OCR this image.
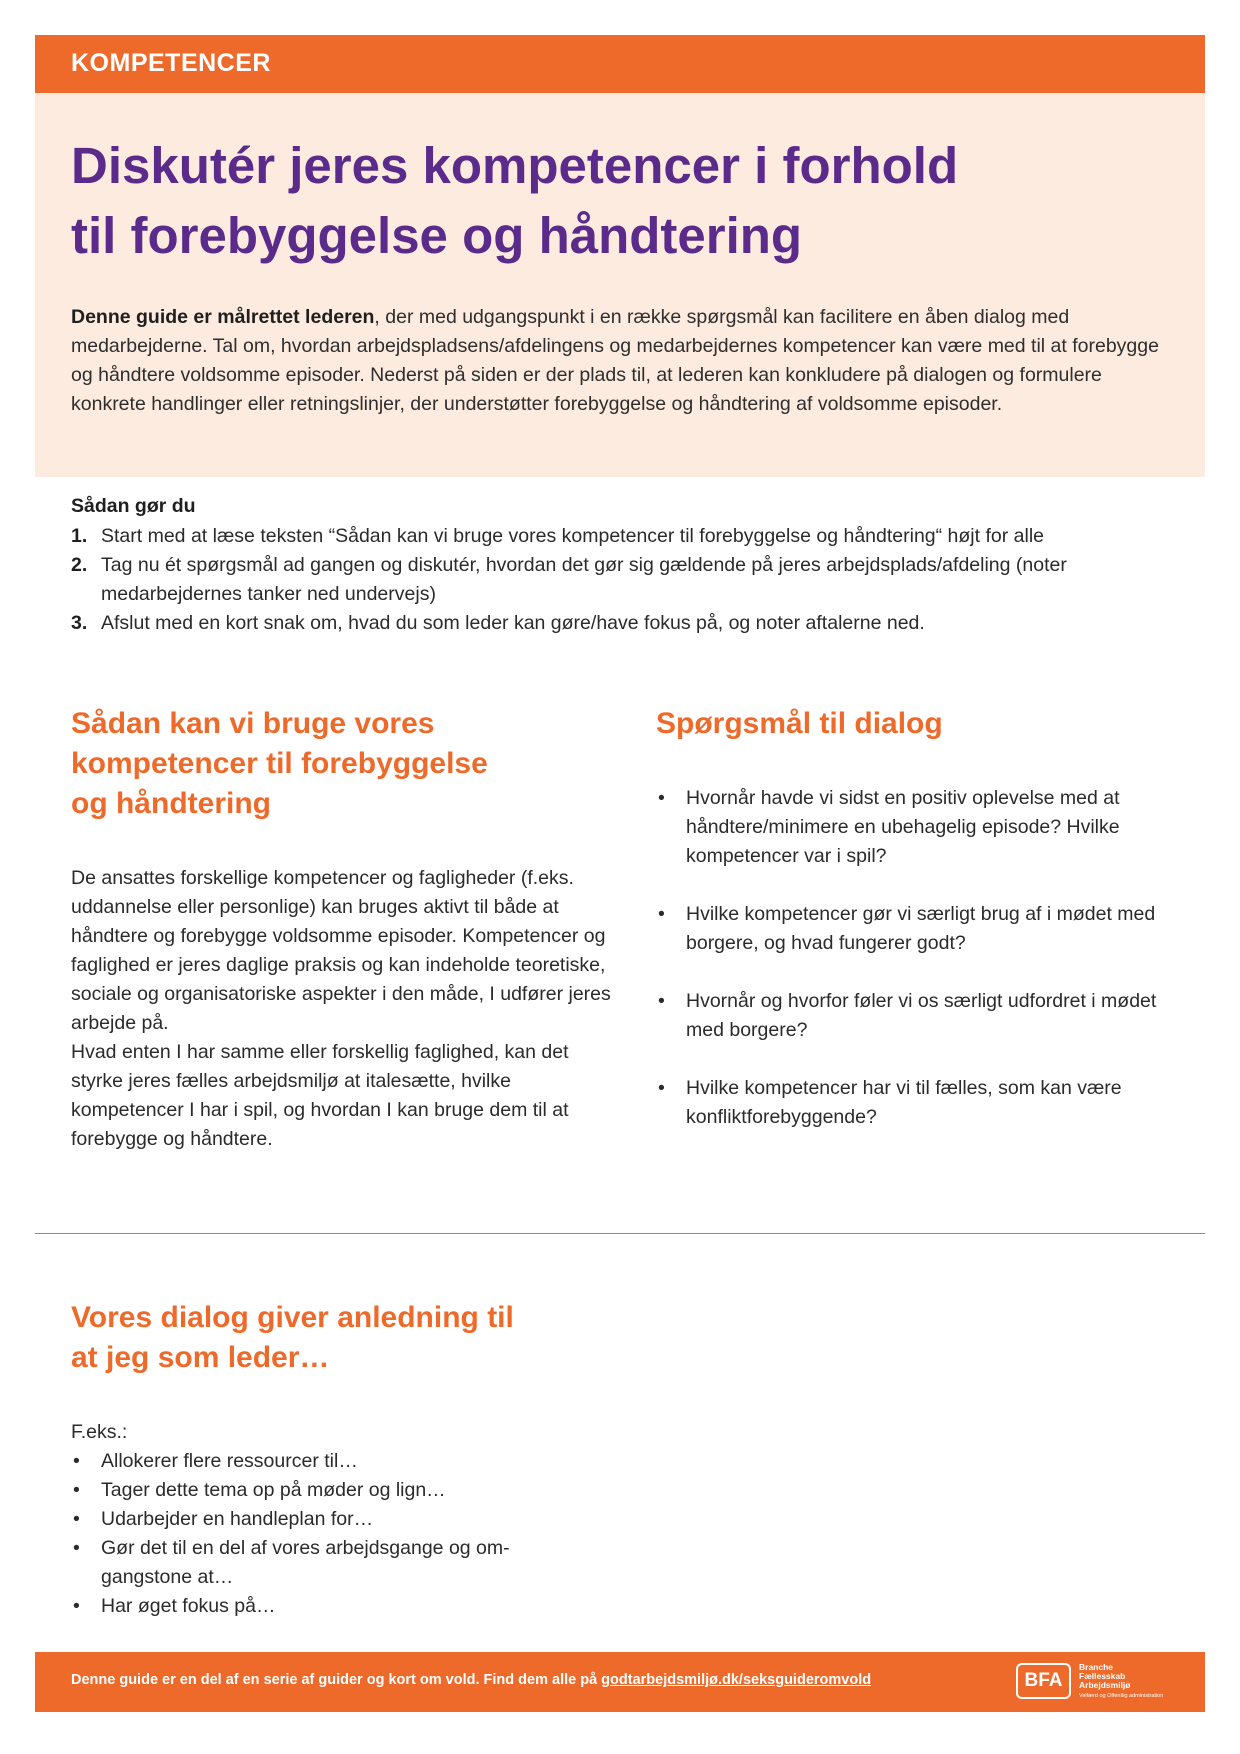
KOMPETENCER
Diskutér jeres kompetencer i forhold
til forebyggelse og håndtering

Denne guide er målrettet lederen, der med udgangspunkt i en række spørgsmål kan facilitere en åben dialog med medarbejderne. Tal om, hvordan arbejdspladsens/afdelingens og medarbejdernes kompetencer kan være med til at forebygge og håndtere voldsomme episoder. Nederst på siden er der plads til, at lederen kan konkludere på dialogen og formulere konkrete handlinger eller retningslinjer, der understøtter forebyggelse og håndtering af voldsomme episoder.

Sådan gør du

1. Start med at læse teksten “Sådan kan vi bruge vores kompetencer til forebyggelse og håndtering“ højt for alle
2. Tag nu ét spørgsmål ad gangen og diskutér, hvordan det gør sig gældende på jeres arbejdsplads/afdeling (noter medarbejdernes tanker ned undervejs)
3. Afslut med en kort snak om, hvad du som leder kan gøre/have fokus på, og noter aftalerne ned.
Sådan kan vi bruge vores
kompetencer til forebyggelse
og håndtering

De ansattes forskellige kompetencer og fagligheder (f.eks. uddannelse eller personlige) kan bruges aktivt til både at håndtere og forebygge voldsomme episoder. Kompetencer og faglighed er jeres daglige praksis og kan indeholde teoretiske, sociale og organisatoriske aspekter i den måde, I udfører jeres arbejde på.
Hvad enten I har samme eller forskellig faglighed, kan det styrke jeres fælles arbejdsmiljø at italesætte, hvilke kompetencer I har i spil, og hvordan I kan bruge dem til at forebygge og håndtere.

Spørgsmål til dialog
• Hvornår havde vi sidst en positiv oplevelse med at håndtere/minimere en ubehagelig episode? Hvilke kompetencer var i spil?
• Hvilke kompetencer gør vi særligt brug af i mødet med borgere, og hvad fungerer godt?
• Hvornår og hvorfor føler vi os særligt udfordret i mødet med borgere?
• Hvilke kompetencer har vi til fælles, som kan være konfliktforebyggende?
Vores dialog giver anledning til
at jeg som leder…

F.eks.:

• Allokerer flere ressourcer til…
• Tager dette tema op på møder og lign…
• Udarbejder en handleplan for…
• Gør det til en del af vores arbejdsgange og om-gangstone at…
• Har øget fokus på…
Denne guide er en del af en serie af guider og kort om vold. Find dem alle på godtarbejdsmiljø.dk/seksguideromvold	BFA
Branche
Fællesskab
Arbejdsmiljø
Velfærd og Offentlig administration
